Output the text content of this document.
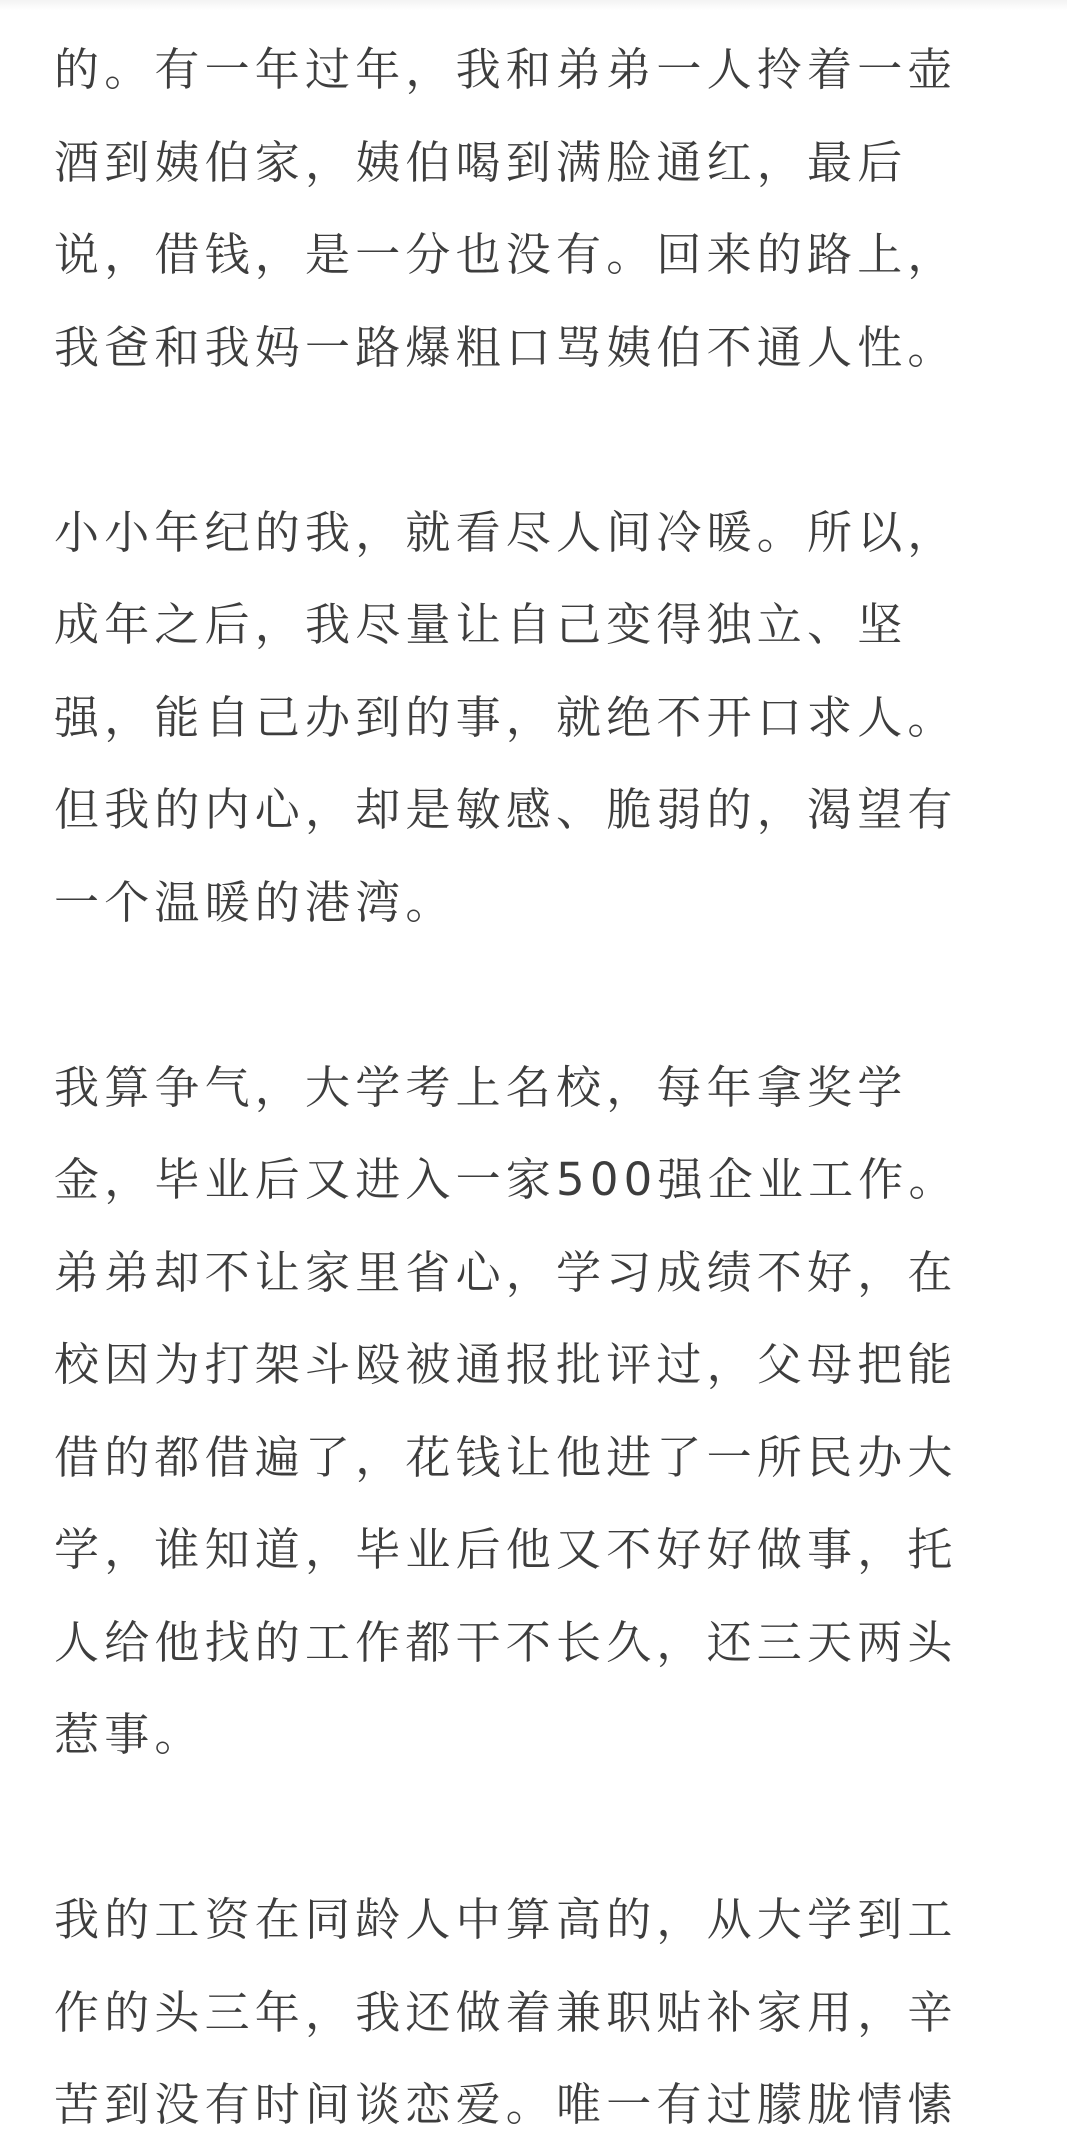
的。有一年过年，我和弟弟一人拎着一壶
酒到姨伯家，姨伯喝到满脸通红，最后
说，借钱，是一分也没有。回来的路上，
我爸和我妈一路爆粗口骂姨伯不通人性。
小小年纪的我，就看尽人间冷暖。所以，
成年之后，我尽量让自己变得独立、坚
强，能自己办到的事，就绝不开口求人。
但我的内心，却是敏感、脆弱的，渴望有
一个温暖的港湾。
我算争气，大学考上名校，每年拿奖学
金，毕业后又进入一家500强企业工作。
弟弟却不让家里省心，学习成绩不好，在
校因为打架斗殴被通报批评过，父母把能
借的都借遍了，花钱让他进了一所民办大
学，谁知道，毕业后他又不好好做事，托
人给他找的工作都干不长久，还三天两头
惹事。
我的工资在同龄人中算高的，从大学到工
作的头三年，我还做着兼职贴补家用，辛
苦到没有时间谈恋爱。唯一有过朦胧情愫
